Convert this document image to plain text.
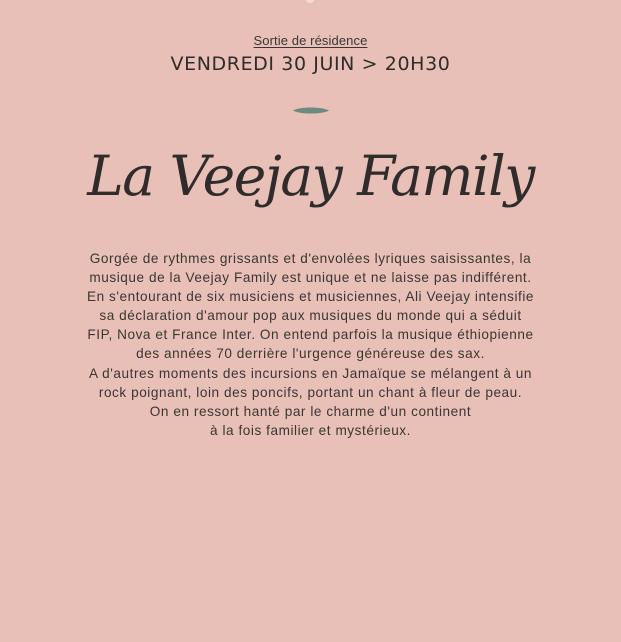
Sortie de résidence
VENDREDI 30 JUIN > 20H30
La Veejay Family
Gorgée de rythmes grissants et d'envolées lyriques saisissantes, la
musique de la Veejay Family est unique et ne laisse pas indifférent.
En s'entourant de six musiciens et musiciennes, Ali Veejay intensifie
sa déclaration d'amour pop aux musiques du monde qui a séduit
FIP, Nova et France Inter. On entend parfois la musique éthiopienne
des années 70 derrière l'urgence généreuse des sax.
A d'autres moments des incursions en Jamaïque se mélangent à un
rock poignant, loin des poncifs, portant un chant à fleur de peau.
On en ressort hanté par le charme d'un continent
à la fois familier et mystérieux.
